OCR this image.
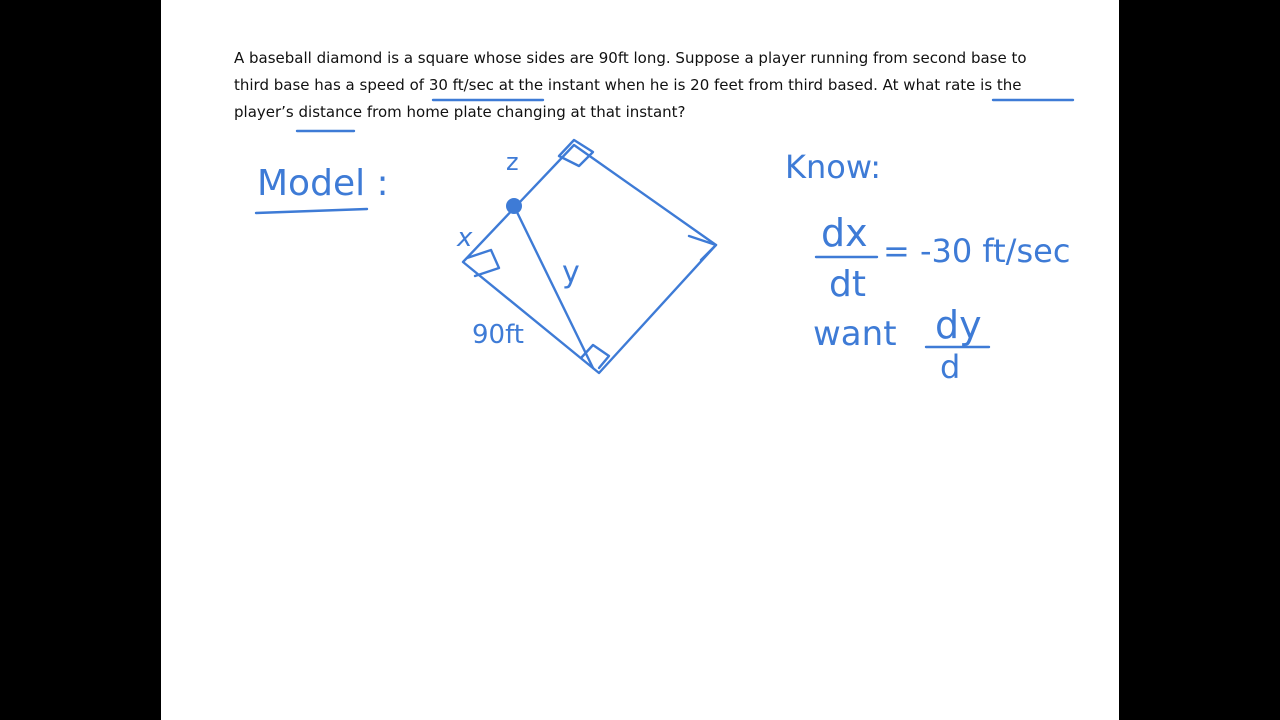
A baseball diamond is a square whose sides are 90ft long. Suppose a player running from second base to
third base has a speed of 30 ft/sec at the instant when he is 20 feet from third based. At what rate is the
player’s distance from home plate changing at that instant?

Model :
z
x
y
90ft
Know:
dx
dt
= -30 ft/sec
want dy
d
